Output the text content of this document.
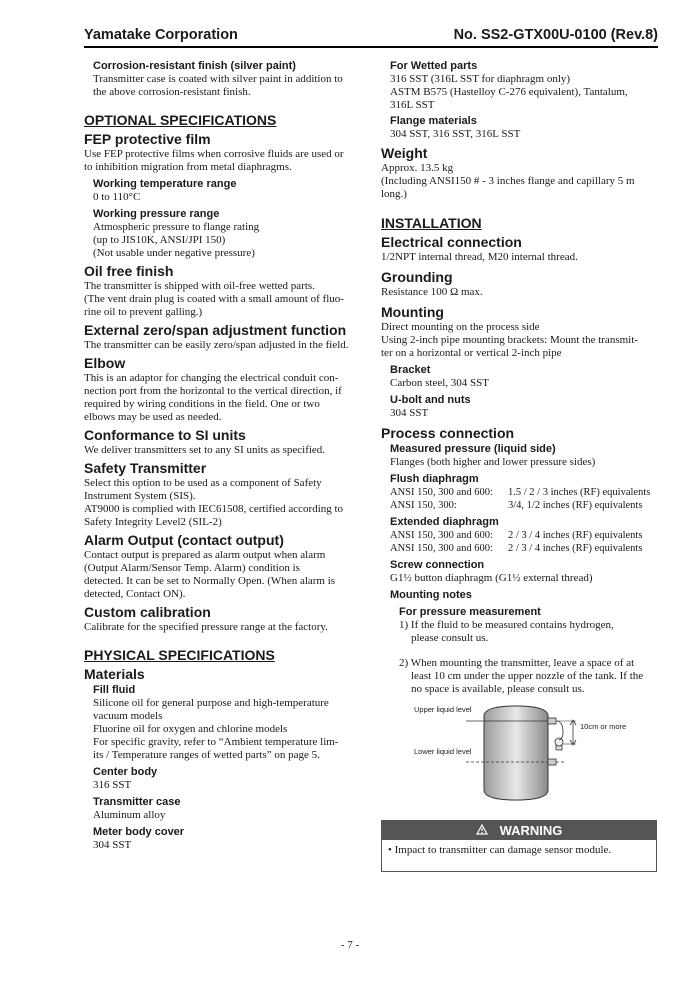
Yamatake Corporation	No. SS2-GTX00U-0100 (Rev.8)
Corrosion-resistant finish (silver paint)
Transmitter case is coated with silver paint in addition to
the above corrosion-resistant finish.
OPTIONAL SPECIFICATIONS
FEP protective film
Use FEP protective films when corrosive fluids are used or
to inhibition migration from metal diaphragms.
Working temperature range
0 to 110°C
Working pressure range
Atmospheric pressure to flange rating
(up to JIS10K, ANSI/JPI 150)
(Not usable under negative pressure)
Oil free finish
The transmitter is shipped with oil-free wetted parts.
(The vent drain plug is coated with a small amount of fluo-
rine oil to prevent galling.)
External zero/span adjustment function
The transmitter can be easily zero/span adjusted in the field.
Elbow
This is an adaptor for changing the electrical conduit con-
nection port from the horizontal to the vertical direction, if
required by wiring conditions in the field. One or two
elbows may be used as needed.
Conformance to SI units
We deliver transmitters set to any SI units as specified.
Safety Transmitter
Select this option to be used as a component of Safety
Instrument System (SIS).
AT9000 is complied with IEC61508, certified according to
Safety Integrity Level2 (SIL-2)
Alarm Output (contact output)
Contact output is prepared as alarm output when alarm
(Output Alarm/Sensor Temp. Alarm) condition is
detected. It can be set to Normally Open. (When alarm is
detected, Contact ON).
Custom calibration
Calibrate for the specified pressure range at the factory.
PHYSICAL SPECIFICATIONS
Materials
Fill fluid
Silicone oil for general purpose and high-temperature
vacuum models
Fluorine oil for oxygen and chlorine models
For specific gravity, refer to “Ambient temperature lim-
its / Temperature ranges of wetted parts” on page 5.
Center body
316 SST
Transmitter case
Aluminum alloy
Meter body cover
304 SST
For Wetted parts
316 SST (316L SST for diaphragm only)
ASTM B575 (Hastelloy C-276 equivalent), Tantalum,
316L SST
Flange materials
304 SST, 316 SST, 316L SST
Weight
Approx. 13.5 kg
(Including ANSI150 # - 3 inches flange and capillary 5 m
long.)
INSTALLATION
Electrical connection
1/2NPT internal thread, M20 internal thread.
Grounding
Resistance 100 Ω max.
Mounting
Direct mounting on the process side
Using 2-inch pipe mounting brackets: Mount the transmit-
ter on a horizontal or vertical 2-inch pipe
Bracket
Carbon steel, 304 SST
U-bolt and nuts
304 SST
Process connection
Measured pressure (liquid side)
Flanges (both higher and lower pressure sides)
Flush diaphragm
ANSI 150, 300 and 600:	1.5 / 2 / 3 inches (RF) equivalents
ANSI 150, 300:	3/4, 1/2 inches (RF) equivalents
Extended diaphragm
ANSI 150, 300 and 600:	2 / 3 / 4 inches (RF) equivalents
ANSI 150, 300 and 600:	2 / 3 / 4 inches (RF) equivalents
Screw connection
G1½ button diaphragm (G1½ external thread)
Mounting notes
For pressure measurement
1) If the fluid to be measured contains hydrogen,
please consult us.
2) When mounting the transmitter, leave a space of at
least 10 cm under the upper nozzle of the tank. If the
no space is available, please consult us.
Upper liquid level
Lower liquid level
10cm or more
WARNING
• Impact to transmitter can damage sensor module.
- 7 -
